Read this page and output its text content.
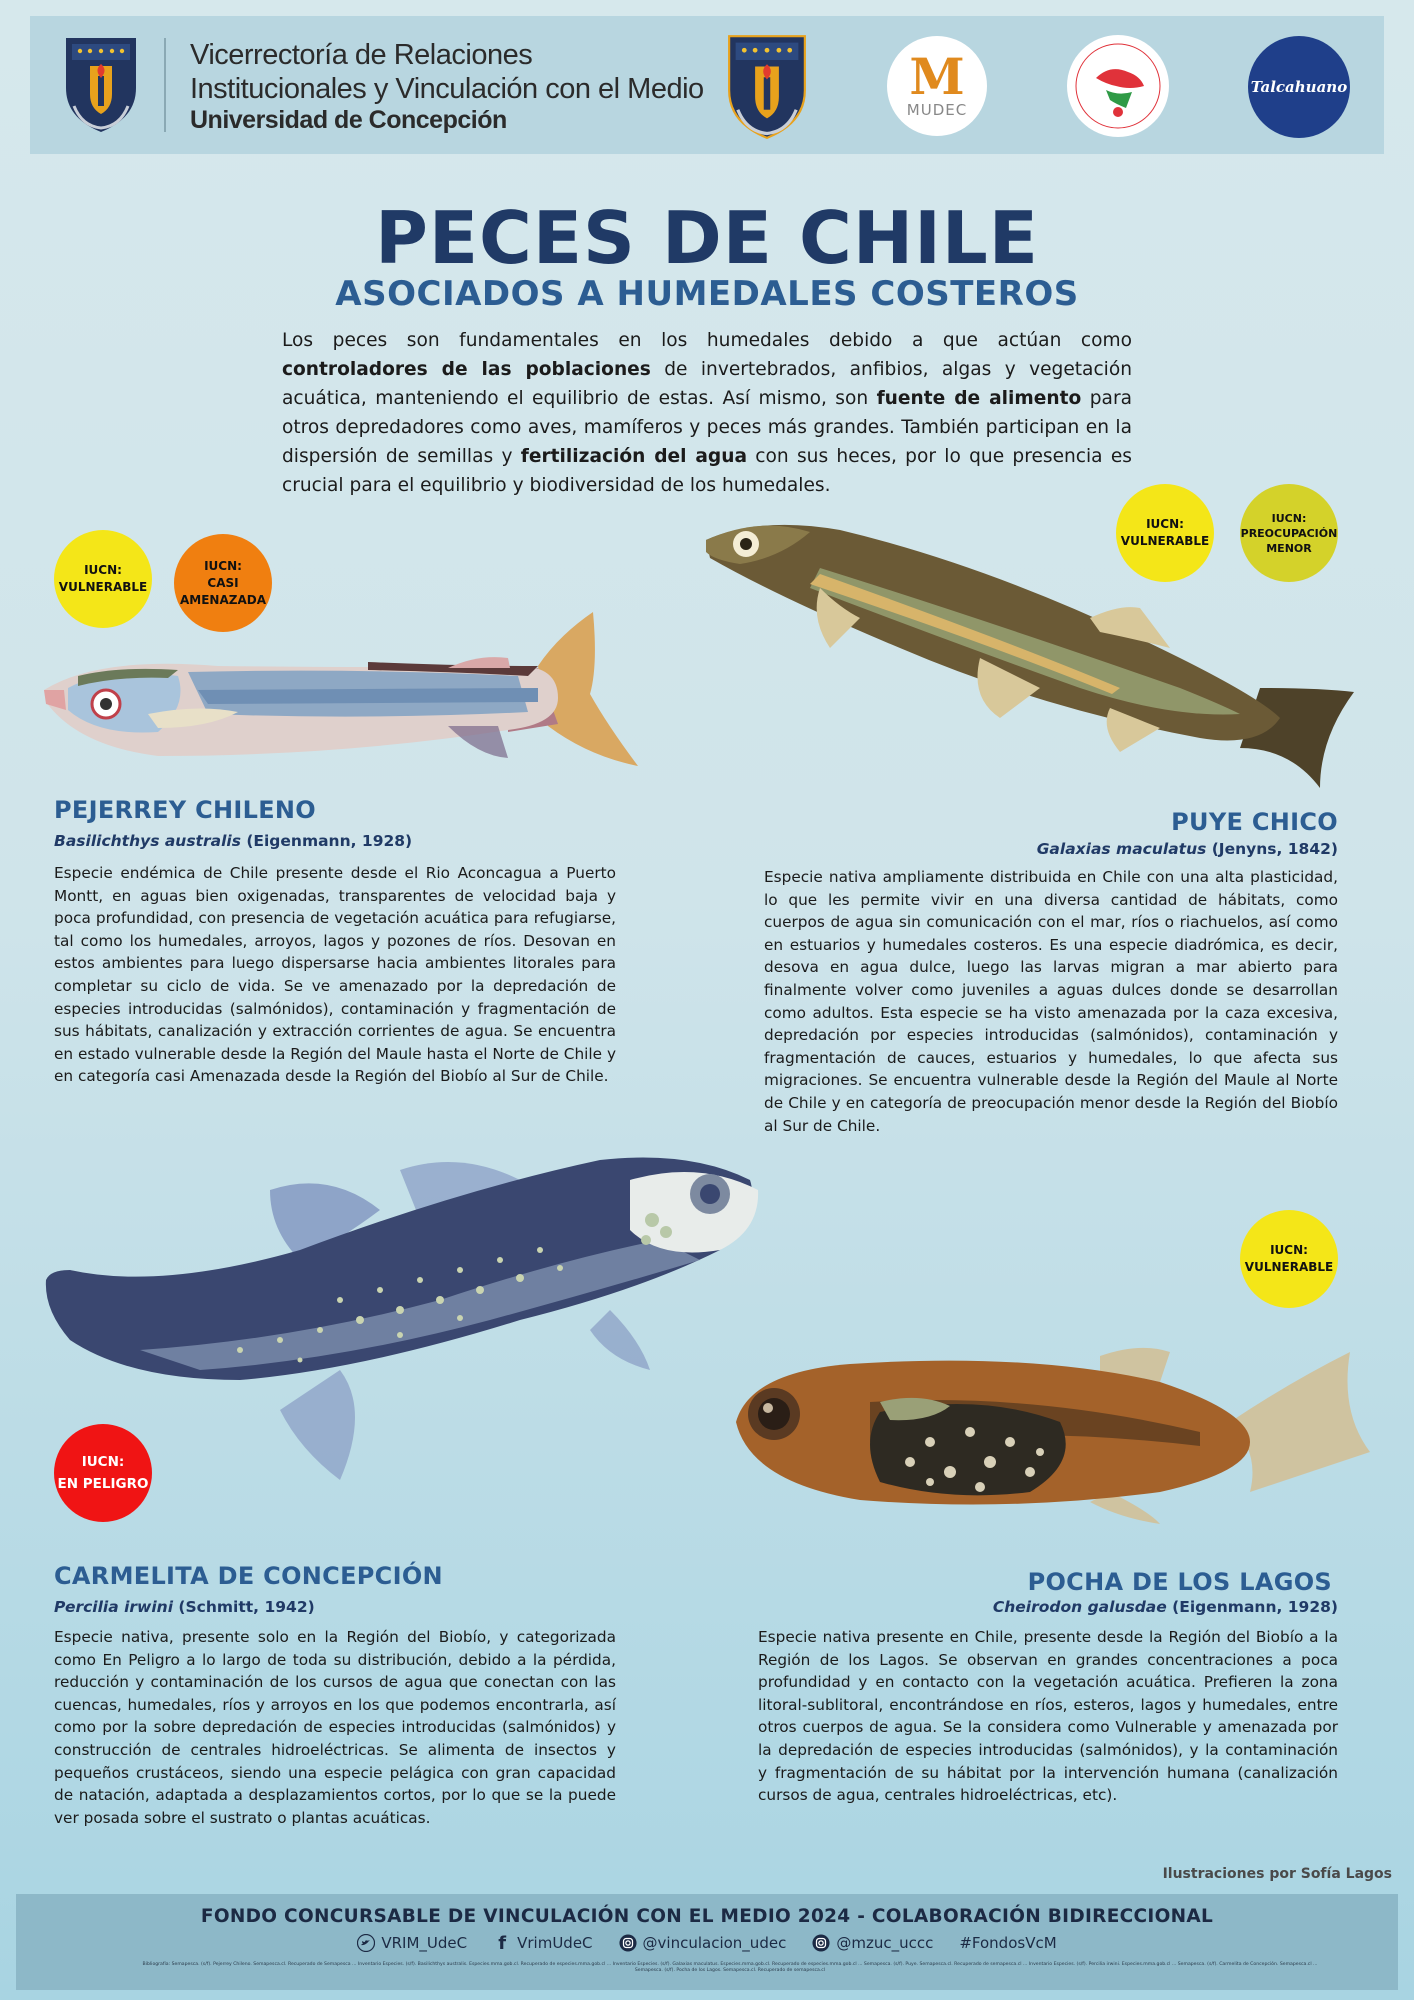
Vicerrectoría de Relaciones
Institucionales y Vinculación con el Medio
Universidad de Concepción
M
MUDEC
Talcahuano
PECES DE CHILE
ASOCIADOS A HUMEDALES COSTEROS
Los peces son fundamentales en los humedales debido a que actúan como controladores de las poblaciones de invertebrados, anfibios, algas y vegetación acuática, manteniendo el equilibrio de estas. Así mismo, son fuente de alimento para otros depredadores como aves, mamíferos y peces más grandes. También participan en la dispersión de semillas y fertilización del agua con sus heces, por lo que presencia es crucial para el equilibrio y biodiversidad de los humedales.
IUCN:
VULNERABLE
IUCN:
CASI
AMENAZADA
IUCN:
VULNERABLE
IUCN:
PREOCUPACIÓN
MENOR
IUCN:
VULNERABLE
IUCN:
EN PELIGRO
PEJERREY CHILENO
Basilichthys australis (Eigenmann, 1928)
Especie endémica de Chile presente desde el Rio Aconcagua a Puerto Montt, en aguas bien oxigenadas, transparentes de velocidad baja y poca profundidad, con presencia de vegetación acuática para refugiarse, tal como los humedales, arroyos, lagos y pozones de ríos. Desovan en estos ambientes para luego dispersarse hacia ambientes litorales para completar su ciclo de vida. Se ve amenazado por la depredación de especies introducidas (salmónidos), contaminación y fragmentación de sus hábitats, canalización y extracción corrientes de agua. Se encuentra en estado vulnerable desde la Región del Maule hasta el Norte de Chile y en categoría casi Amenazada desde la Región del Biobío al Sur de Chile.
PUYE CHICO
Galaxias maculatus (Jenyns, 1842)
Especie nativa ampliamente distribuida en Chile con una alta plasticidad, lo que les permite vivir en una diversa cantidad de hábitats, como cuerpos de agua sin comunicación con el mar, ríos o riachuelos, así como en estuarios y humedales costeros. Es una especie diadrómica, es decir, desova en agua dulce, luego las larvas migran a mar abierto para finalmente volver como juveniles a aguas dulces donde se desarrollan como adultos. Esta especie se ha visto amenazada por la caza excesiva, depredación por especies introducidas (salmónidos), contaminación y fragmentación de cauces, estuarios y humedales, lo que afecta sus migraciones. Se encuentra vulnerable desde la Región del Maule al Norte de Chile y en categoría de preocupación menor desde la Región del Biobío al Sur de Chile.
CARMELITA DE CONCEPCIÓN
Percilia irwini (Schmitt, 1942)
Especie nativa, presente solo en la Región del Biobío, y categorizada como En Peligro a lo largo de toda su distribución, debido a la pérdida, reducción y contaminación de los cursos de agua que conectan con las cuencas, humedales, ríos y arroyos en los que podemos encontrarla, así como por la sobre depredación de especies introducidas (salmónidos) y construcción de centrales hidroeléctricas. Se alimenta de insectos y pequeños crustáceos, siendo una especie pelágica con gran capacidad de natación, adaptada a desplazamientos cortos, por lo que se la puede ver posada sobre el sustrato o plantas acuáticas.
POCHA DE LOS LAGOS
Cheirodon galusdae (Eigenmann, 1928)
Especie nativa presente en Chile, presente desde la Región del Biobío a la Región de los Lagos. Se observan en grandes concentraciones a poca profundidad y en contacto con la vegetación acuática. Prefieren la zona litoral-sublitoral, encontrándose en ríos, esteros, lagos y humedales, entre otros cuerpos de agua. Se la considera como Vulnerable y amenazada por la depredación de especies introducidas (salmónidos), y la contaminación y fragmentación de su hábitat por la intervención humana (canalización cursos de agua, centrales hidroeléctricas, etc).
Ilustraciones por Sofía Lagos
FONDO CONCURSABLE DE VINCULACIÓN CON EL MEDIO 2024 - COLABORACIÓN BIDIRECCIONAL
VRIM_UdeC f VrimUdeC	@vinculacion_udec	@mzuc_uccc #FondosVcM
Bibliografía: Semapesca. (s/f). Pejerrey Chileno. Semapesca.cl. Recuperado de Semapesca ... Inventario Especies. (s/f). Basilichthys australis. Especies.mma.gob.cl. Recuperado de especies.mma.gob.cl ... Inventario Especies. (s/f). Galaxias maculatus. Especies.mma.gob.cl. Recuperado de especies.mma.gob.cl ... Semapesca. (s/f). Puye. Semapesca.cl. Recuperado de semapesca.cl ... Inventario Especies. (s/f). Percilia irwini. Especies.mma.gob.cl ... Semapesca. (s/f). Carmelita de Concepción. Semapesca.cl ... Semapesca. (s/f). Pocha de los Lagos. Semapesca.cl. Recuperado de semapesca.cl
